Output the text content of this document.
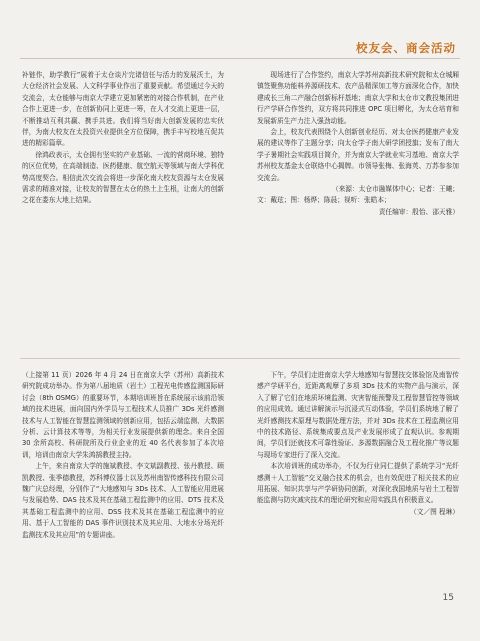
校友会、商会活动

补链作，助学教行”展着于太仓谈片完诸信任与活力的发展沃土，为大仓经济社会发展、人文科学事业作出了重要贡献。希望通过今天的交流会，太仓能够与南京大学建立更加紧密的对接合作机制，在产业合作上更进一步，在创新协同上更进一筹，在人才交流上更进一层，不断推动互利共赢、携手共进。我们将当好南大创新发展的忠实伙伴，为南大校友在太投资兴业提供全方位保障，携手丰写校地互促共进的精彩篇章。

徐鸿政表示，太仓拥有坚实的产业基础、一流的营商环境、独特的区位优势，在高端制造、医药健康、航空航天等领域与南大学科优势高度契合。相信此次交流会将进一步深化南大校友资源与太仓发展需求的精准对接，让校友的智慧在太仓的热土上生根，让南大的创新之花在娄东大地上结果。

现场进行了合作签约，南京大学苏州高新技术研究院和太仓城厢镇签聚焦功能料养源研技术、农产品精深加工等方面深化合作，加快建成长三角二产融合创新标杆基地；南京大学和太仓市文教投集团进行产学研合作签约，双方将共同推进 OPC 项目孵化，为太仓培育和发展新质生产力注入强劲动能。

会上，校友代表围绕个人创新创业经历、对太仓医药健康产业发展的建议等作了主题分享；向太仓学子南大研学团授旗；发布了南大学子暑期社会实践项目简介，并为南京大学就业实习基地、南京大学苏州校友基金太仓联络中心揭牌。市领导张梅、张海英、万苏参参加交流会。

（来源：太仓市融媒体中心；记者：王曦；

文：戴玹；图：杨烨；陈晨；视听：张皓本；

责任编审：殷怡、邵天雅）

（上接第 11 页）2026 年 4 月 24 日在南京大学（苏州）高新技术研究院成功举办。作为第八届地质（岩土）工程光电传感监测国际研讨会（8th OSMG）的重要环节，本期培训班旨在系统展示该前沿领域的技术进展，面向国内外学员与工程技术人员推广 3Ds 光纤感测技术与人工智能在智慧监测领域的创新应用，包括云端监测、大数据分析、云计算技术等等，为相关行业发展提供新的理念。来自全国 30 余所高校、科研院所及行业企业的近 40 名代表参加了本次培训，培训由南京大学朱鸿鹄教授主持。

上午，来自南京大学的施斌教授、李文斌副教授、张丹教授、顾凯教授、张季德教授，苏科博仪器士以及苏州南智传感科技有限公司魏广庆总经理，分别作了“大地感知与 3Ds 技术、人工智能应用进展与发展趋势、DAS 技术及其在基础工程监测中的应用、DTS 技术及其基础工程监测中的应用、DSS 技术及其在基础工程监测中的应用、基于人工智能的 DAS 事件识别技术及其应用、大地水分场光纤监测技术及其应用”的专题讲座。

下午，学员们走进南京大学大地感知与智慧技交体验馆及南智传感产学研平台，近距离观摩了多项 3Ds 技术的实物产品与演示，深入了解了它们在地质环境监测、灾害智能预警及工程智慧管控等领域的应用成效。通过讲解演示与沉浸式互动体验，学员们系统地了解了光纤感测技术原理与数据处理方法，并对 3Ds 技术在工程监测应用中的技术路径、系统集成要点及产业发展形成了直观认识。参观期间，学员们还就技术可靠性验证、多源数据融合及工程化推广等议题与现场专家进行了深入交流。

本次培训班的成功举办，不仅为行业同仁提供了系统学习“光纤感测＋人工智能”交叉融合技术的机会，也有效促进了相关技术的应用拓展、知识共享与产学研协同创新，对深化我国地质与岩土工程智能监测与防灾减灾技术的理论研究和应用实践具有积极意义。

（文／图 程琳）

15
